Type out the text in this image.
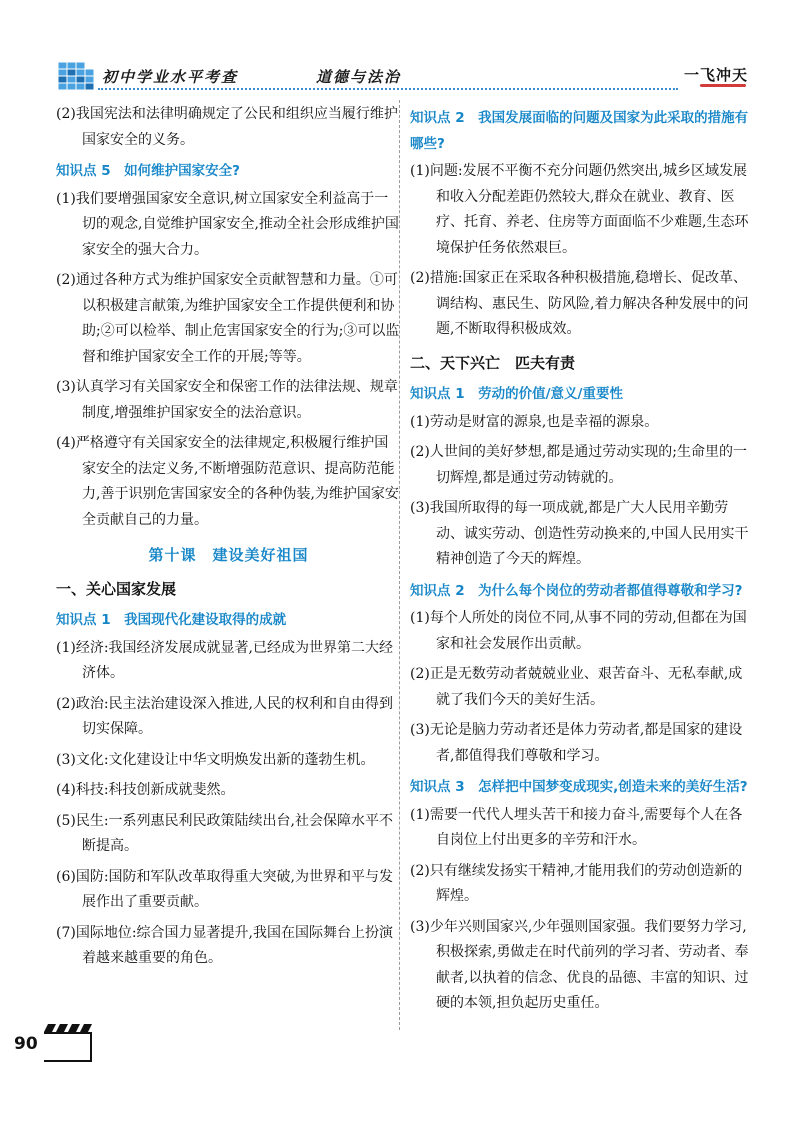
初中学业水平考查	道德与法治	一飞冲天

(2)我国宪法和法律明确规定了公民和组织应当履行维护国家安全的义务。

知识点 5　如何维护国家安全?

(1)我们要增强国家安全意识,树立国家安全利益高于一切的观念,自觉维护国家安全,推动全社会形成维护国家安全的强大合力。

(2)通过各种方式为维护国家安全贡献智慧和力量。①可以积极建言献策,为维护国家安全工作提供便利和协助;②可以检举、制止危害国家安全的行为;③可以监督和维护国家安全工作的开展;等等。

(3)认真学习有关国家安全和保密工作的法律法规、规章制度,增强维护国家安全的法治意识。

(4)严格遵守有关国家安全的法律规定,积极履行维护国家安全的法定义务,不断增强防范意识、提高防范能力,善于识别危害国家安全的各种伪装,为维护国家安全贡献自己的力量。

第十课　建设美好祖国

一、关心国家发展

知识点 1　我国现代化建设取得的成就

(1)经济:我国经济发展成就显著,已经成为世界第二大经济体。

(2)政治:民主法治建设深入推进,人民的权利和自由得到切实保障。

(3)文化:文化建设让中华文明焕发出新的蓬勃生机。

(4)科技:科技创新成就斐然。

(5)民生:一系列惠民利民政策陆续出台,社会保障水平不断提高。

(6)国防:国防和军队改革取得重大突破,为世界和平与发展作出了重要贡献。

(7)国际地位:综合国力显著提升,我国在国际舞台上扮演着越来越重要的角色。

知识点 2　我国发展面临的问题及国家为此采取的措施有哪些?

(1)问题:发展不平衡不充分问题仍然突出,城乡区域发展和收入分配差距仍然较大,群众在就业、教育、医疗、托育、养老、住房等方面面临不少难题,生态环境保护任务依然艰巨。

(2)措施:国家正在采取各种积极措施,稳增长、促改革、调结构、惠民生、防风险,着力解决各种发展中的问题,不断取得积极成效。

二、天下兴亡　匹夫有责

知识点 1　劳动的价值/意义/重要性

(1)劳动是财富的源泉,也是幸福的源泉。

(2)人世间的美好梦想,都是通过劳动实现的;生命里的一切辉煌,都是通过劳动铸就的。

(3)我国所取得的每一项成就,都是广大人民用辛勤劳动、诚实劳动、创造性劳动换来的,中国人民用实干精神创造了今天的辉煌。

知识点 2　为什么每个岗位的劳动者都值得尊敬和学习?

(1)每个人所处的岗位不同,从事不同的劳动,但都在为国家和社会发展作出贡献。

(2)正是无数劳动者兢兢业业、艰苦奋斗、无私奉献,成就了我们今天的美好生活。

(3)无论是脑力劳动者还是体力劳动者,都是国家的建设者,都值得我们尊敬和学习。

知识点 3　怎样把中国梦变成现实,创造未来的美好生活?

(1)需要一代代人埋头苦干和接力奋斗,需要每个人在各自岗位上付出更多的辛劳和汗水。

(2)只有继续发扬实干精神,才能用我们的劳动创造新的辉煌。

(3)少年兴则国家兴,少年强则国家强。我们要努力学习,积极探索,勇做走在时代前列的学习者、劳动者、奉献者,以执着的信念、优良的品德、丰富的知识、过硬的本领,担负起历史重任。

90
